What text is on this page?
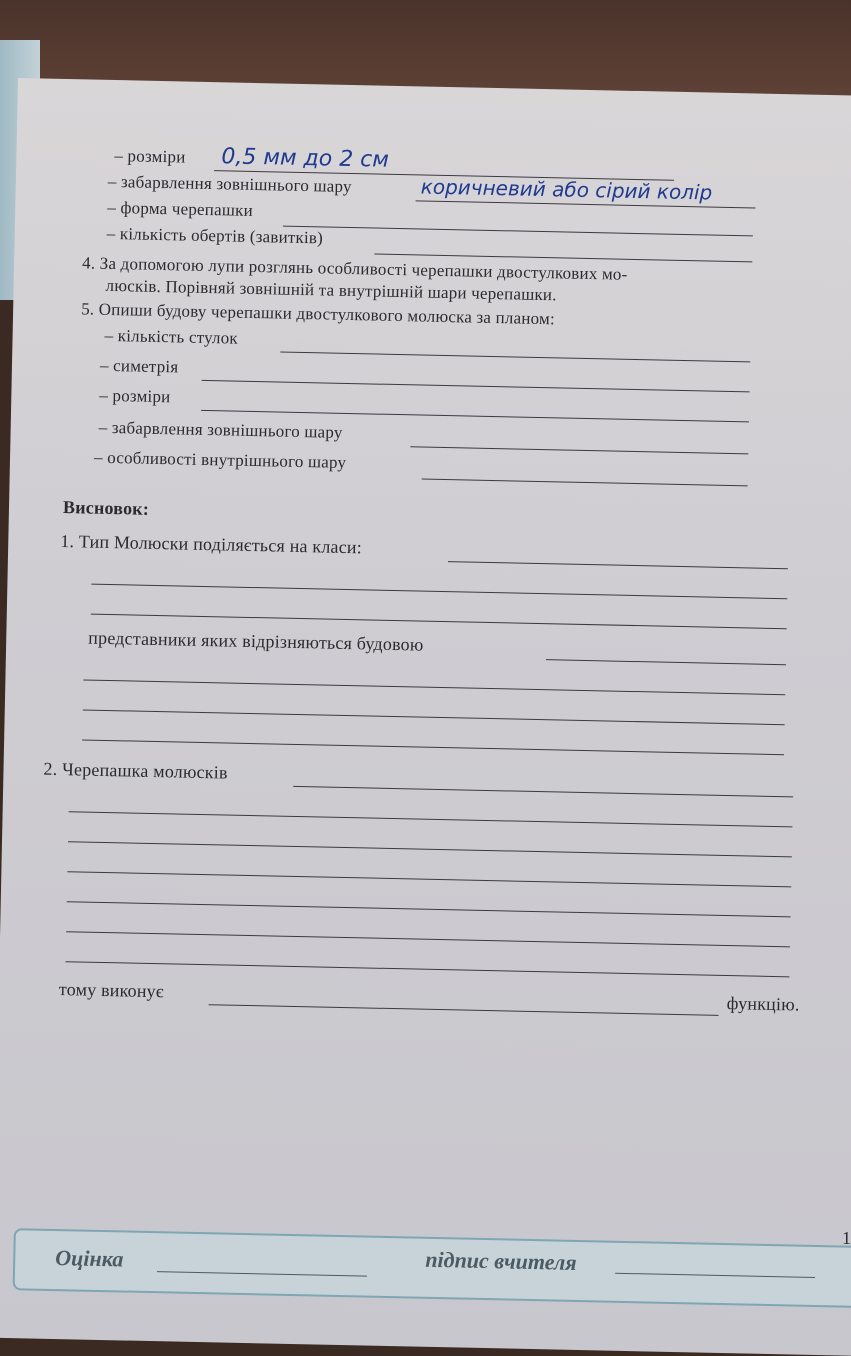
– розміри 0,5 мм до 2 см
– забарвлення зовнішнього шару	коричневий або сірий колір
– форма черепашки
– кількість обертів (завитків)
4. За допомогою лупи розглянь особливості черепашки двостулкових мо-
люсків. Порівняй зовнішній та внутрішній шари черепашки.
5. Опиши будову черепашки двостулкового молюска за планом:
– кількість стулок
– симетрія
– розміри
– забарвлення зовнішнього шару
– особливості внутрішнього шару
Висновок:
1. Тип Молюски поділяється на класи:
представники яких відрізняються будовою
2. Черепашка молюсків
тому виконує
функцію.
Оцінка	підпис вчителя
1
